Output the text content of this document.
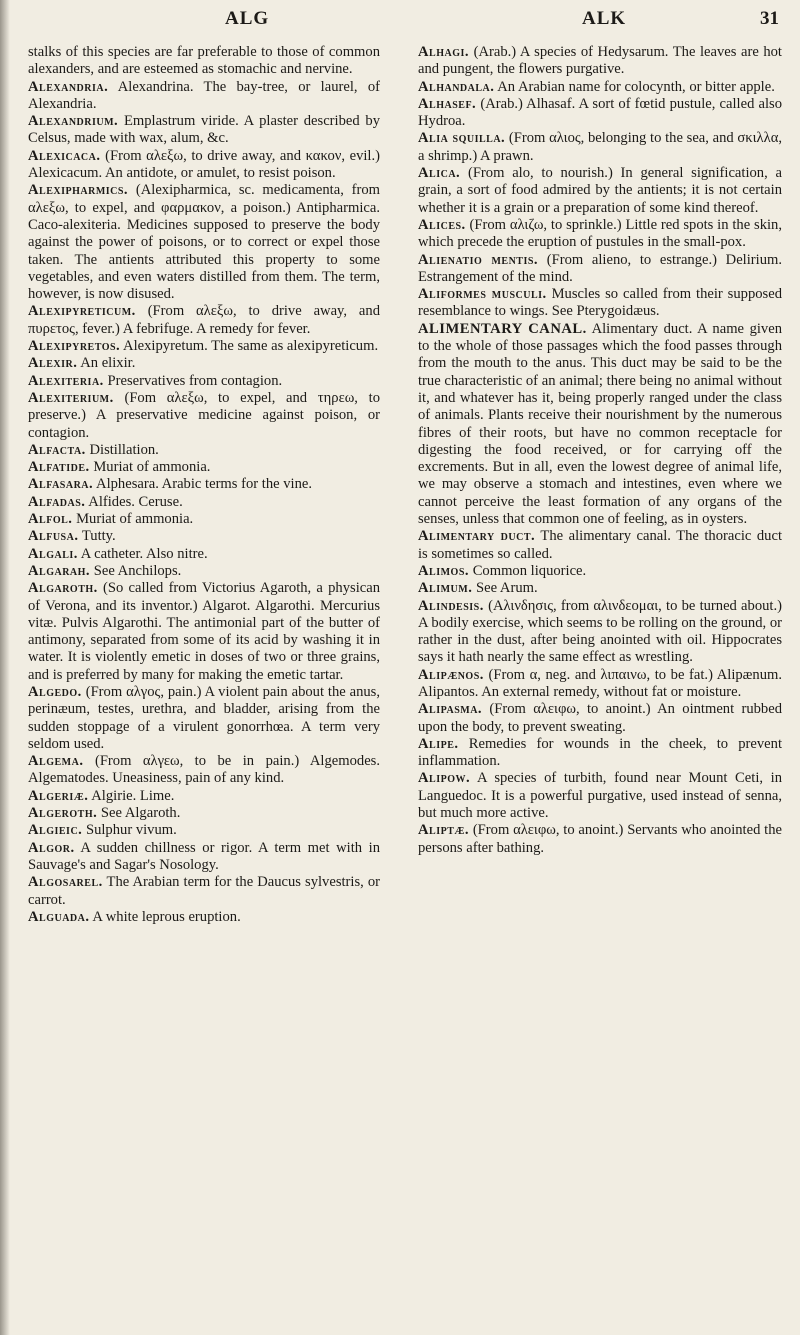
ALG	ALK	31

stalks of this species are far preferable to those of common alexanders, and are esteemed as stomachic and nervine.

Alexandria. Alexandrina. The bay-tree, or laurel, of Alexandria.

Alexandrium. Emplastrum viride. A plaster described by Celsus, made with wax, alum, &c.

Alexicaca. (From αλεξω, to drive away, and κακον, evil.) Alexicacum. An antidote, or amulet, to resist poison.

Alexipharmics. (Alexipharmica, sc. medicamenta, from αλεξω, to expel, and φαρμακον, a poison.) Antipharmica. Caco-alexiteria. Medicines supposed to preserve the body against the power of poisons, or to correct or expel those taken. The antients attributed this property to some vegetables, and even waters distilled from them. The term, however, is now disused.

Alexipyreticum. (From αλεξω, to drive away, and πυρετος, fever.) A febrifuge. A remedy for fever.

Alexipyretos. Alexipyretum. The same as alexipyreticum.

Alexir. An elixir.

Alexiteria. Preservatives from contagion.

Alexiterium. (Fom αλεξω, to expel, and τηρεω, to preserve.) A preservative medicine against poison, or contagion.

Alfacta. Distillation.

Alfatide. Muriat of ammonia.

Alfasara. Alphesara. Arabic terms for the vine.

Alfadas. Alfides. Ceruse.

Alfol. Muriat of ammonia.

Alfusa. Tutty.

Algali. A catheter. Also nitre.

Algarah. See Anchilops.

Algaroth. (So called from Victorius Agaroth, a physican of Verona, and its inventor.) Algarot. Algarothi. Mercurius vitæ. Pulvis Algarothi. The antimonial part of the butter of antimony, separated from some of its acid by washing it in water. It is violently emetic in doses of two or three grains, and is preferred by many for making the emetic tartar.

Algedo. (From αλγος, pain.) A violent pain about the anus, perinæum, testes, urethra, and bladder, arising from the sudden stoppage of a virulent gonorrhœa. A term very seldom used.

Algema. (From αλγεω, to be in pain.) Algemodes. Algematodes. Uneasiness, pain of any kind.

Algeriæ. Algirie. Lime.

Algeroth. See Algaroth.

Algieic. Sulphur vivum.

Algor. A sudden chillness or rigor. A term met with in Sauvage's and Sagar's Nosology.

Algosarel. The Arabian term for the Daucus sylvestris, or carrot.

Alguada. A white leprous eruption.

Alhagi. (Arab.) A species of Hedysarum. The leaves are hot and pungent, the flowers purgative.

Alhandala. An Arabian name for colocynth, or bitter apple.

Alhasef. (Arab.) Alhasaf. A sort of fœtid pustule, called also Hydroa.

Alia squilla. (From αλιος, belonging to the sea, and σκιλλα, a shrimp.) A prawn.

Alica. (From alo, to nourish.) In general signification, a grain, a sort of food admired by the antients; it is not certain whether it is a grain or a preparation of some kind thereof.

Alices. (From αλιζω, to sprinkle.) Little red spots in the skin, which precede the eruption of pustules in the small-pox.

Alienatio mentis. (From alieno, to estrange.) Delirium. Estrangement of the mind.

Aliformes musculi. Muscles so called from their supposed resemblance to wings. See Pterygoidæus.

ALIMENTARY CANAL. Alimentary duct. A name given to the whole of those passages which the food passes through from the mouth to the anus. This duct may be said to be the true characteristic of an animal; there being no animal without it, and whatever has it, being properly ranged under the class of animals. Plants receive their nourishment by the numerous fibres of their roots, but have no common receptacle for digesting the food received, or for carrying off the excrements. But in all, even the lowest degree of animal life, we may observe a stomach and intestines, even where we cannot perceive the least formation of any organs of the senses, unless that common one of feeling, as in oysters.

Alimentary duct. The alimentary canal. The thoracic duct is sometimes so called.

Alimos. Common liquorice.

Alimum. See Arum.

Alindesis. (Αλινδησις, from αλινδεομαι, to be turned about.) A bodily exercise, which seems to be rolling on the ground, or rather in the dust, after being anointed with oil. Hippocrates says it hath nearly the same effect as wrestling.

Alipænos. (From α, neg. and λιπαινω, to be fat.) Alipænum. Alipantos. An external remedy, without fat or moisture.

Alipasma. (From αλειφω, to anoint.) An ointment rubbed upon the body, to prevent sweating.

Alipe. Remedies for wounds in the cheek, to prevent inflammation.

Alipow. A species of turbith, found near Mount Ceti, in Languedoc. It is a powerful purgative, used instead of senna, but much more active.

Aliptæ. (From αλειφω, to anoint.) Servants who anointed the persons after bathing.
